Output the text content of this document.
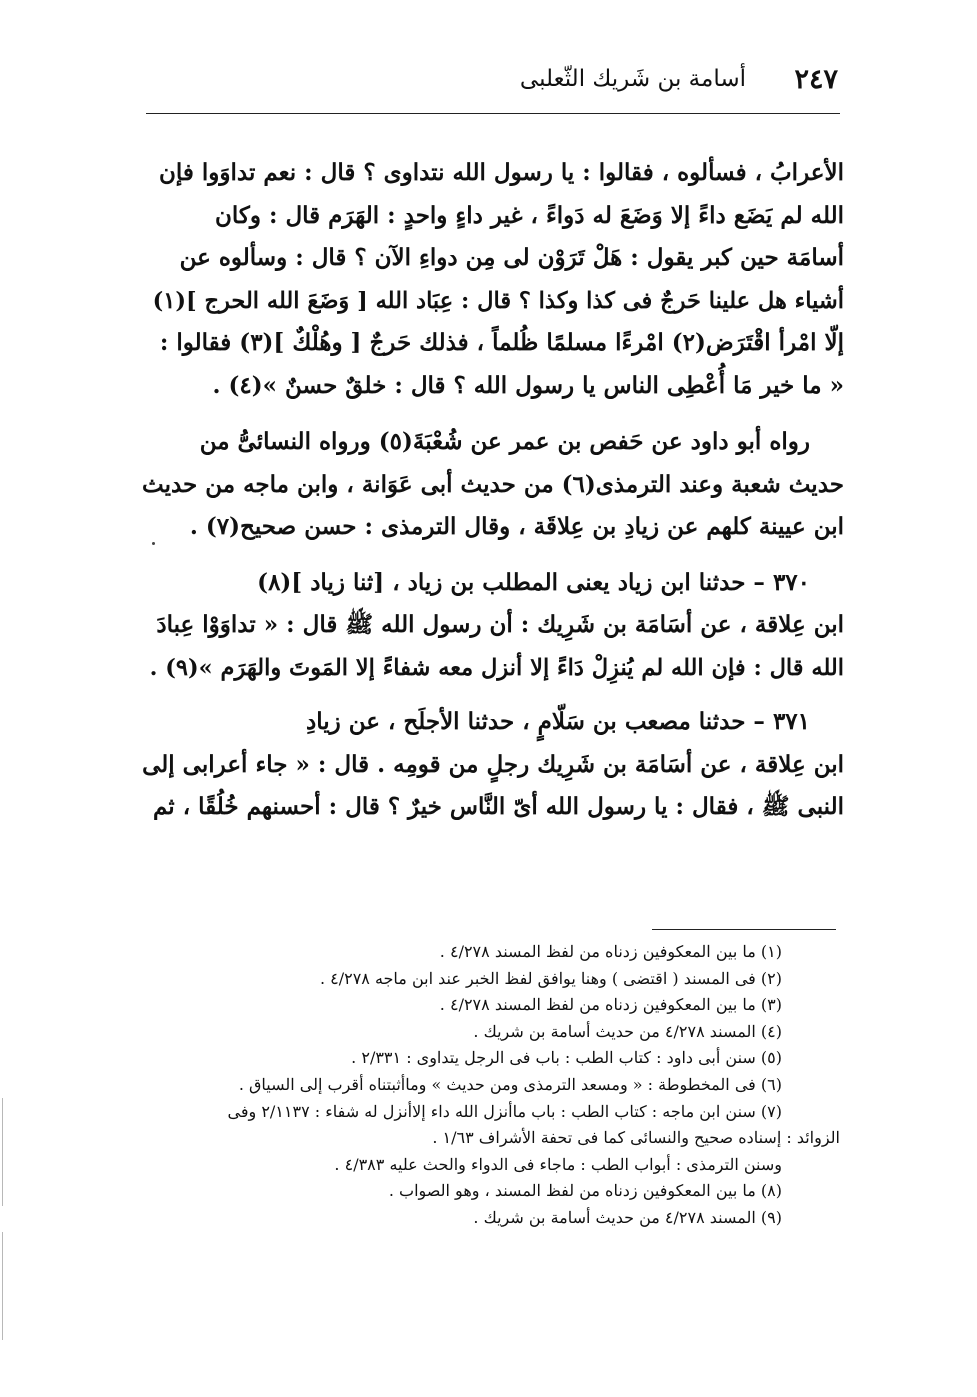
٢٤٧
أسامة بن شَريك الثّعلبى

الأعرابُ ، فسألوه ، فقالوا : يا رسول الله نتداوى ؟ قال : نعم تداوَوا فإن
الله لم يَضَع داءً إلا وَضَعَ له دَواءً ، غير داءٍ واحدٍ : الهَرَم قال : وكان
أسامَة حين كبر يقول : هَلْ تَرَوْن لى مِن دواءِ الآن ؟ قال : وسألوه عن
أشياء هل علينا حَرجٌ فى كذا وكذا ؟ قال : عِبَاد الله [ وَضَعَ الله الحرج ](١)
إلّا امْرأ اقْتَرَض(٢) امْرءًا مسلمًا ظُلماً ، فذلك حَرجٌ [ وهُلْكٌ ](٣) فقالوا :
« ما خير مَا أُعْطِى الناس يا رسول الله ؟ قال : خلقٌ حسنٌ »(٤) .

رواه أبو داود عن حَفص بن عمر عن شُعْبَةَ(٥) ورواه النسائىُّ من
حديث شعبة وعند الترمذى(٦) من حديث أبى عَوَانة ، وابن ماجه من حديث
ابن عيينة كلهم عن زيادِ بن عِلاقَة ، وقال الترمذى : حسن صحيح(٧) .

٣٧٠ – حدثنا ابن زياد يعنى المطلب بن زياد ، [ثنا زياد ](٨)
ابن عِلاقة ، عن أسَامَة بن شَرِيك : أن رسول الله ﷺ قال : « تداوَوْا عِبادَ
الله قال : فإن الله لم يُنزِلْ دَاءً إلا أنزل معه شفاءً إلا المَوتَ والهَرَم »(٩) .

٣٧١ – حدثنا مصعب بن سَلّامٍ ، حدثنا الأجلَح ، عن زيادِ
ابن عِلاقة ، عن أسَامَة بن شَرِيك رجلٍ من قومِه . قال : « جاء أعرابى إلى
النبى ﷺ ، فقال : يا رسول الله أىّ النَّاس خيرٌ ؟ قال : أحسنهم خُلُقًا ، ثم

(١) ما بين المعكوفين زدناه من لفظ المسند ٤/٢٧٨ .

(٢) فى المسند ( اقتضى ) وهنا يوافق لفظ الخبر عند ابن ماجه ٤/٢٧٨ .

(٣) ما بين المعكوفين زدناه من لفظ المسند ٤/٢٧٨ .

(٤) المسند ٤/٢٧٨ من حديث أسامة بن شريك .

(٥) سنن أبى داود : كتاب الطب : باب فى الرجل يتداوى : ٢/٣٣١ .

(٦) فى المخطوطة : « ومسعد الترمذى ومن حديث » وماأثبتناه أقرب إلى السياق .

(٧) سنن ابن ماجه : كتاب الطب : باب ماأنزل الله داء إلاأنزل له شفاء : ٢/١١٣٧ وفى

الزوائد : إسناده صحيح والنسائى كما فى تحفة الأشراف ١/٦٣ .

وسنن الترمذى : أبواب الطب : ماجاء فى الدواء والحث عليه ٤/٣٨٣ .

(٨) ما بين المعكوفين زدناه من لفظ المسند ، وهو الصواب .

(٩) المسند ٤/٢٧٨ من حديث أسامة بن شريك .
